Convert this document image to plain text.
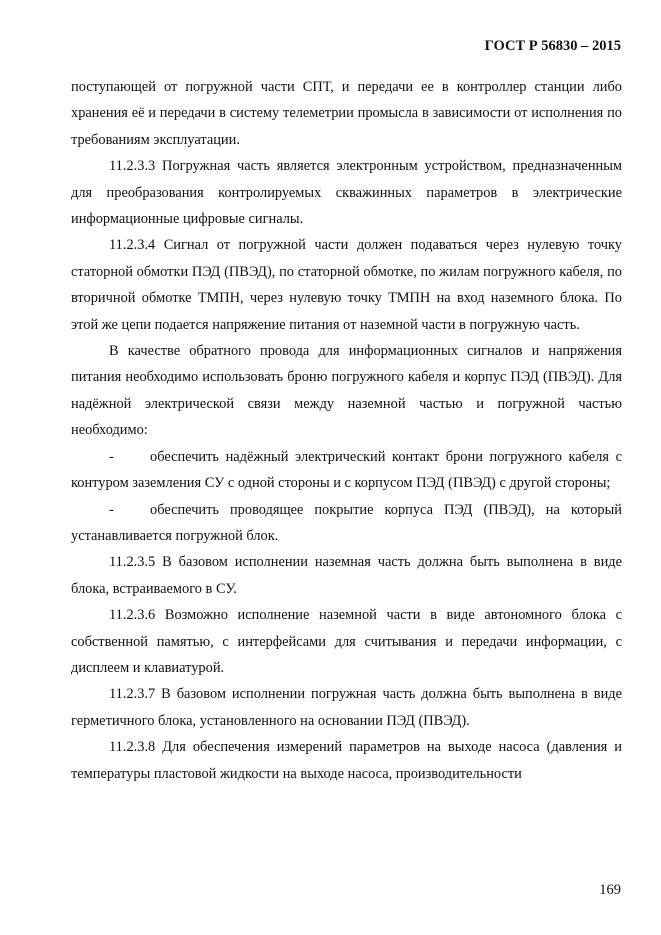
ГОСТ Р 56830 – 2015

поступающей от погружной части СПТ, и передачи ее в контроллер станции либо хранения её и передачи в систему телеметрии промысла в зависимости от исполнения по требованиям эксплуатации.

11.2.3.3 Погружная часть является электронным устройством, предназначенным для преобразования контролируемых скважинных параметров в электрические информационные цифровые сигналы.

11.2.3.4 Сигнал от погружной части должен подаваться через нулевую точку статорной обмотки ПЭД (ПВЭД), по статорной обмотке, по жилам погружного кабеля, по вторичной обмотке ТМПН, через нулевую точку ТМПН на вход наземного блока. По этой же цепи подается напряжение питания от наземной части в погружную часть.

В качестве обратного провода для информационных сигналов и напряжения питания необходимо использовать броню погружного кабеля и корпус ПЭД (ПВЭД). Для надёжной электрической связи между наземной частью и погружной частью необходимо:

-	обеспечить надёжный электрический контакт брони погружного кабеля с контуром заземления СУ с одной стороны и с корпусом ПЭД (ПВЭД) с другой стороны;

-	обеспечить проводящее покрытие корпуса ПЭД (ПВЭД), на который устанавливается погружной блок.

11.2.3.5 В базовом исполнении наземная часть должна быть выполнена в виде блока, встраиваемого в СУ.

11.2.3.6 Возможно исполнение наземной части в виде автономного блока с собственной памятью, с интерфейсами для считывания и передачи информации, с дисплеем и клавиатурой.

11.2.3.7 В базовом исполнении погружная часть должна быть выполнена в виде герметичного блока, установленного на основании ПЭД (ПВЭД).

11.2.3.8 Для обеспечения измерений параметров на выходе насоса (давления и температуры пластовой жидкости на выходе насоса, производительности

169
